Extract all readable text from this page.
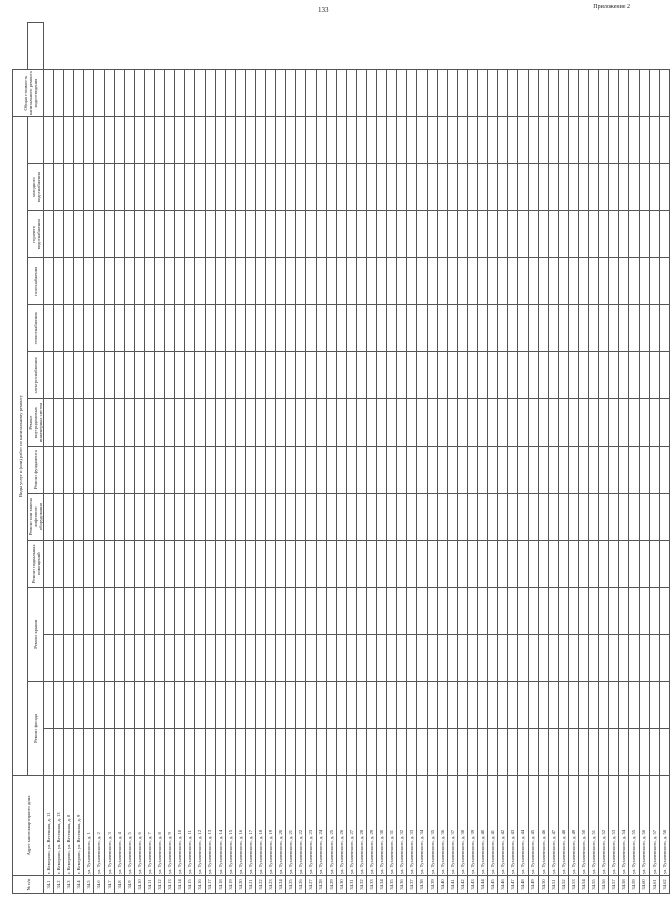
133	Приложение 2
№ п/п	Адрес многоквартирного дома	Виды услуг и (или) работ по капитальному ремонту														Общая стоимость капитального ремонта
		Ремонт фасада		Ремонт крыши		Ремонт подвальных помещений	Ремонт или замена лифтового оборудования	Ремонт фундамента	Ремонт внутридомовых инженерных систем	электроснабжения	теплоснабжения	газоснабжения	горячего водоснабжения	холодного водоснабжения	водоотведения	
34.1	г. Кемерово, ул. Весенняя, д. 11															
34.2	г. Кемерово, ул. Весенняя, д. 13															
34.3	г. Кемерово, ул. Весенняя, д. 8															
34.4	г. Кемерово, ул. Весенняя, д. 9															
34.5	ул. Тухачевского, д. 1															
34.6	ул. Тухачевского, д. 2															
34.7	ул. Тухачевского, д. 3															
34.8	ул. Тухачевского, д. 4															
34.9	ул. Тухачевского, д. 5															
34.10	ул. Тухачевского, д. 6															
34.11	ул. Тухачевского, д. 7															
34.12	ул. Тухачевского, д. 8															
34.13	ул. Тухачевского, д. 9															
34.14	ул. Тухачевского, д. 10															
34.15	ул. Тухачевского, д. 11															
34.16	ул. Тухачевского, д. 12															
34.17	ул. Тухачевского, д. 13															
34.18	ул. Тухачевского, д. 14															
34.19	ул. Тухачевского, д. 15															
34.20	ул. Тухачевского, д. 16															
34.21	ул. Тухачевского, д. 17															
34.22	ул. Тухачевского, д. 18															
34.23	ул. Тухачевского, д. 19															
34.24	ул. Тухачевского, д. 20															
34.25	ул. Тухачевского, д. 21															
34.26	ул. Тухачевского, д. 22															
34.27	ул. Тухачевского, д. 23															
34.28	ул. Тухачевского, д. 24															
34.29	ул. Тухачевского, д. 25															
34.30	ул. Тухачевского, д. 26															
34.31	ул. Тухачевского, д. 27															
34.32	ул. Тухачевского, д. 28															
34.33	ул. Тухачевского, д. 29															
34.34	ул. Тухачевского, д. 30															
34.35	ул. Тухачевского, д. 31															
34.36	ул. Тухачевского, д. 32															
34.37	ул. Тухачевского, д. 33															
34.38	ул. Тухачевского, д. 34															
34.39	ул. Тухачевского, д. 35															
34.40	ул. Тухачевского, д. 36															
34.41	ул. Тухачевского, д. 37															
34.42	ул. Тухачевского, д. 38															
34.43	ул. Тухачевского, д. 39															
34.44	ул. Тухачевского, д. 40															
34.45	ул. Тухачевского, д. 41															
34.46	ул. Тухачевского, д. 42															
34.47	ул. Тухачевского, д. 43															
34.48	ул. Тухачевского, д. 44															
34.49	ул. Тухачевского, д. 45															
34.50	ул. Тухачевского, д. 46															
34.51	ул. Тухачевского, д. 47															
34.52	ул. Тухачевского, д. 48															
34.53	ул. Тухачевского, д. 49															
34.54	ул. Тухачевского, д. 50															
34.55	ул. Тухачевского, д. 51															
34.56	ул. Тухачевского, д. 52															
34.57	ул. Тухачевского, д. 53															
34.58	ул. Тухачевского, д. 54															
34.59	ул. Тухачевского, д. 55															
34.60	ул. Тухачевского, д. 56															
34.61	ул. Тухачевского, д. 57															
34.62	ул. Тухачевского, д. 58															
